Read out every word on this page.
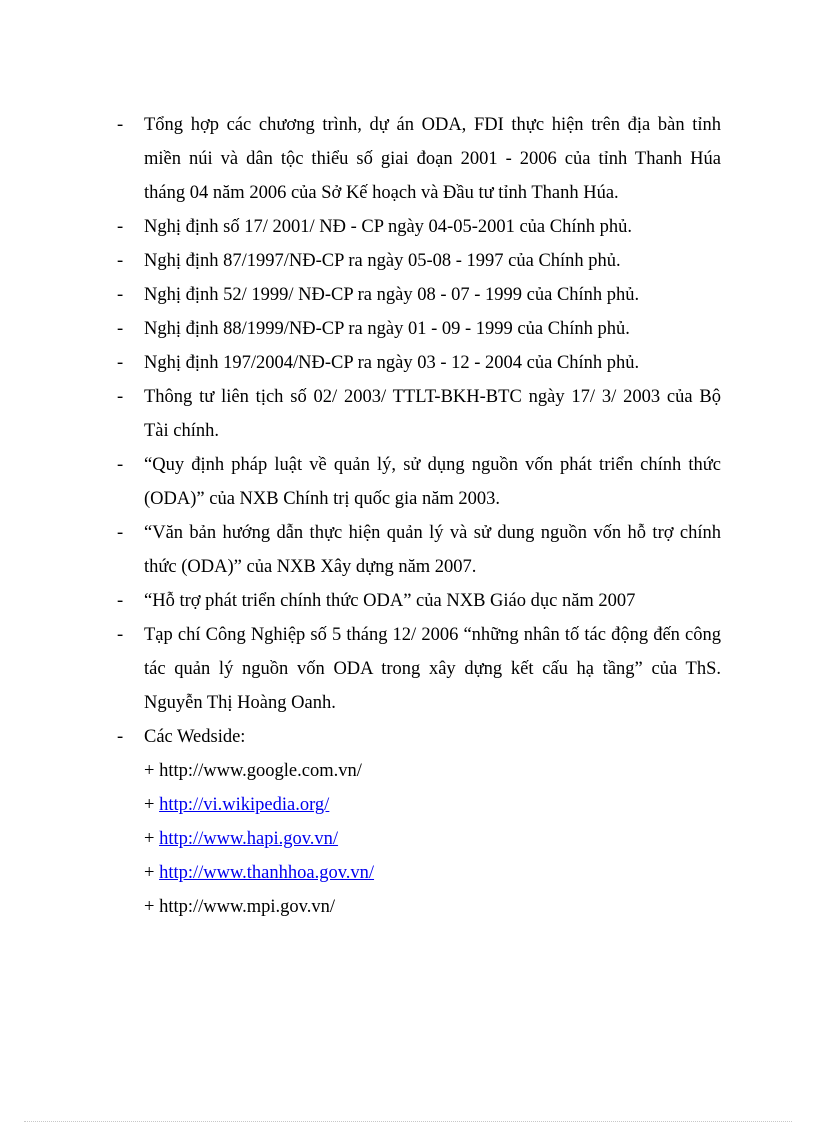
- Tổng hợp các chương trình, dự án ODA, FDI thực hiện trên địa bàn tỉnh
miền núi và dân tộc thiểu số giai đoạn 2001 - 2006 của tỉnh Thanh Húa
tháng 04 năm 2006 của Sở Kế hoạch và Đầu tư tỉnh Thanh Húa.
- Nghị định số 17/ 2001/ NĐ - CP ngày 04-05-2001 của Chính phủ.
- Nghị định 87/1997/NĐ-CP ra ngày 05-08 - 1997 của Chính phủ.
- Nghị định 52/ 1999/ NĐ-CP ra ngày 08 - 07 - 1999 của Chính phủ.
- Nghị định 88/1999/NĐ-CP ra ngày 01 - 09 - 1999 của Chính phủ.
- Nghị định 197/2004/NĐ-CP ra ngày 03 - 12 - 2004 của Chính phủ.
- Thông tư liên tịch số 02/ 2003/ TTLT-BKH-BTC ngày 17/ 3/ 2003 của Bộ
Tài chính.
- “Quy định pháp luật về quản lý, sử dụng nguồn vốn phát triển chính thức
(ODA)” của NXB Chính trị quốc gia năm 2003.
- “Văn bản hướng dẫn thực hiện quản lý và sử dung nguồn vốn hỗ trợ chính
thức (ODA)” của NXB Xây dựng năm 2007.
- “Hỗ trợ phát triển chính thức ODA” của NXB Giáo dục năm 2007
- Tạp chí Công Nghiệp số 5 tháng 12/ 2006 “những nhân tố tác động đến công
tác quản lý nguồn vốn ODA trong xây dựng kết cấu hạ tầng” của ThS.
Nguyễn Thị Hoàng Oanh.
- Các Wedside:
+ http://www.google.com.vn/
+ http://vi.wikipedia.org/
+ http://www.hapi.gov.vn/
+ http://www.thanhhoa.gov.vn/
+ http://www.mpi.gov.vn/
